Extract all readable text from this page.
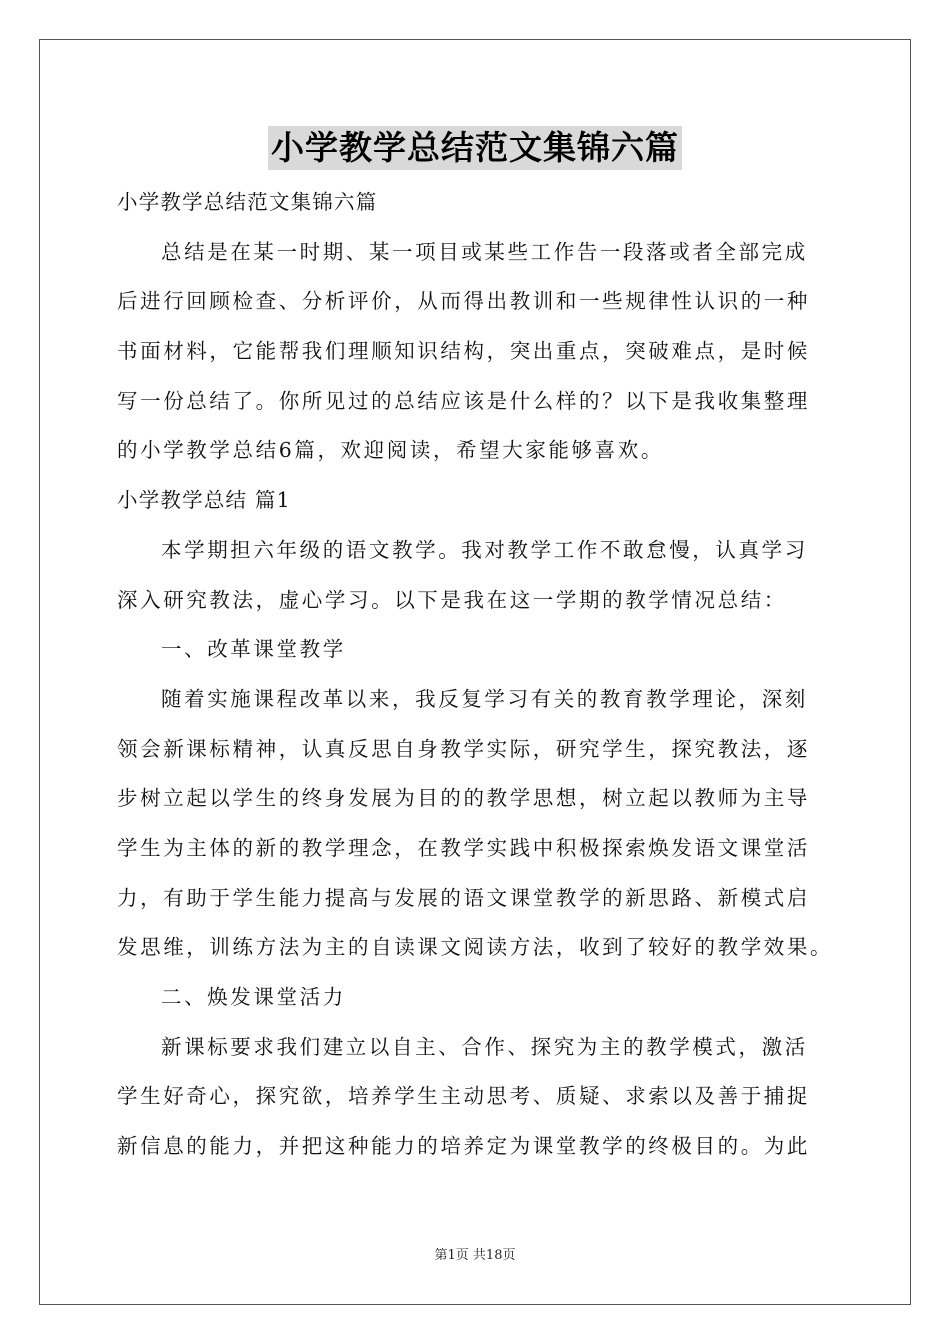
小学教学总结范文集锦六篇
小学教学总结范文集锦六篇
总结是在某一时期、某一项目或某些工作告一段落或者全部完成
后进行回顾检查、分析评价，从而得出教训和一些规律性认识的一种
书面材料，它能帮我们理顺知识结构，突出重点，突破难点，是时候
写一份总结了。你所见过的总结应该是什么样的？以下是我收集整理
的小学教学总结6篇，欢迎阅读，希望大家能够喜欢。
小学教学总结 篇1
本学期担六年级的语文教学。我对教学工作不敢怠慢，认真学习
深入研究教法，虚心学习。以下是我在这一学期的教学情况总结：
一、改革课堂教学
随着实施课程改革以来，我反复学习有关的教育教学理论，深刻
领会新课标精神，认真反思自身教学实际，研究学生，探究教法，逐
步树立起以学生的终身发展为目的的教学思想，树立起以教师为主导
学生为主体的新的教学理念，在教学实践中积极探索焕发语文课堂活
力，有助于学生能力提高与发展的语文课堂教学的新思路、新模式启
发思维，训练方法为主的自读课文阅读方法，收到了较好的教学效果。
二、焕发课堂活力
新课标要求我们建立以自主、合作、探究为主的教学模式，激活
学生好奇心，探究欲，培养学生主动思考、质疑、求索以及善于捕捉
新信息的能力，并把这种能力的培养定为课堂教学的终极目的。为此
第1页 共18页
